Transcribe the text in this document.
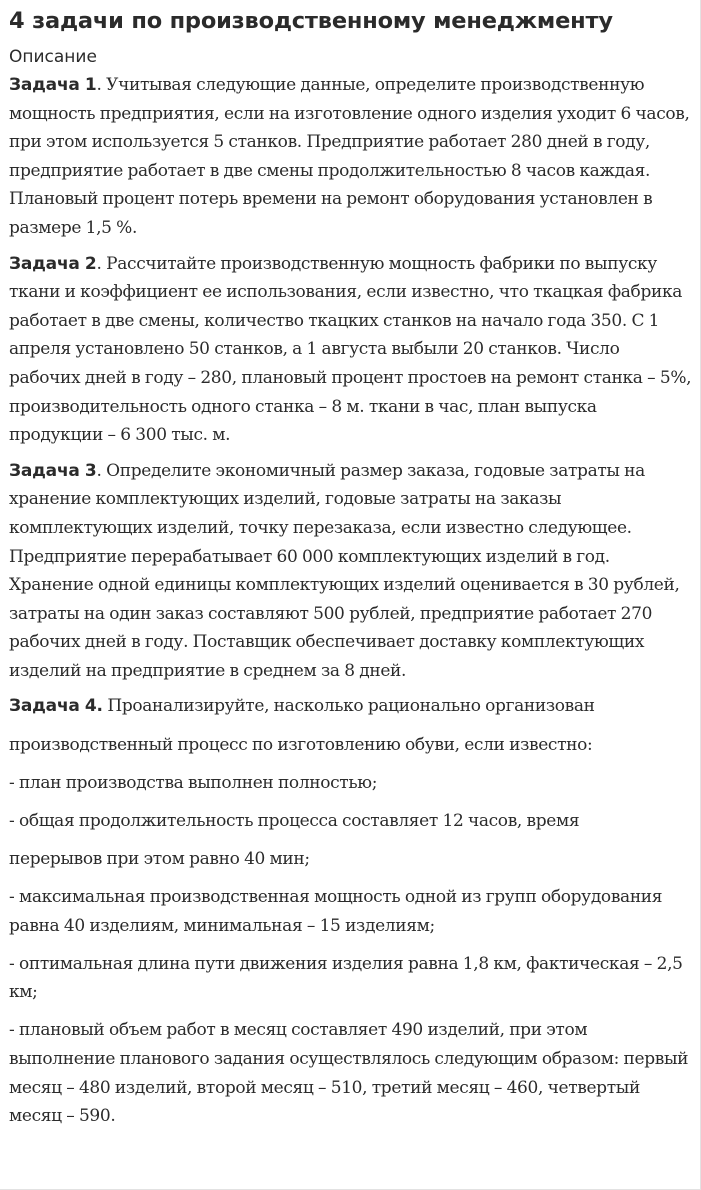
4 задачи по производственному менеджменту
Описание

Задача 1. Учитывая следующие данные, определите производственную мощность предприятия, если на изготовление одного изделия уходит 6 часов, при этом используется 5 станков. Предприятие работает 280 дней в году, предприятие работает в две смены продолжительностью 8 часов каждая. Плановый процент потерь времени на ремонт оборудования установлен в размере 1,5 %.

Задача 2. Рассчитайте производственную мощность фабрики по выпуску ткани и коэффициент ее использования, если известно, что ткацкая фабрика работает в две смены, количество ткацких станков на начало года 350. С 1 апреля установлено 50 станков, а 1 августа выбыли 20 станков. Число рабочих дней в году – 280, плановый процент простоев на ремонт станка – 5%, производительность одного станка – 8 м. ткани в час, план выпуска продукции – 6 300 тыс. м.

Задача 3. Определите экономичный размер заказа, годовые затраты на хранение комплектующих изделий, годовые затраты на заказы комплектующих изделий, точку перезаказа, если известно следующее. Предприятие перерабатывает 60 000 комплектующих изделий в год. Хранение одной единицы комплектующих изделий оценивается в 30 рублей, затраты на один заказ составляют 500 рублей, предприятие работает 270 рабочих дней в году. Поставщик обеспечивает доставку комплектующих изделий на предприятие в среднем за 8 дней.

Задача 4. Проанализируйте, насколько рационально организован
производственный процесс по изготовлению обуви, если известно:
- план производства выполнен полностью;
- общая продолжительность процесса составляет 12 часов, время
перерывов при этом равно 40 мин;
- максимальная производственная мощность одной из групп оборудования равна 40 изделиям, минимальная – 15 изделиям;
- оптимальная длина пути движения изделия равна 1,8 км, фактическая – 2,5 км;
- плановый объем работ в месяц составляет 490 изделий, при этом выполнение планового задания осуществлялось следующим образом: первый месяц – 480 изделий, второй месяц – 510, третий месяц – 460, четвертый месяц – 590.
